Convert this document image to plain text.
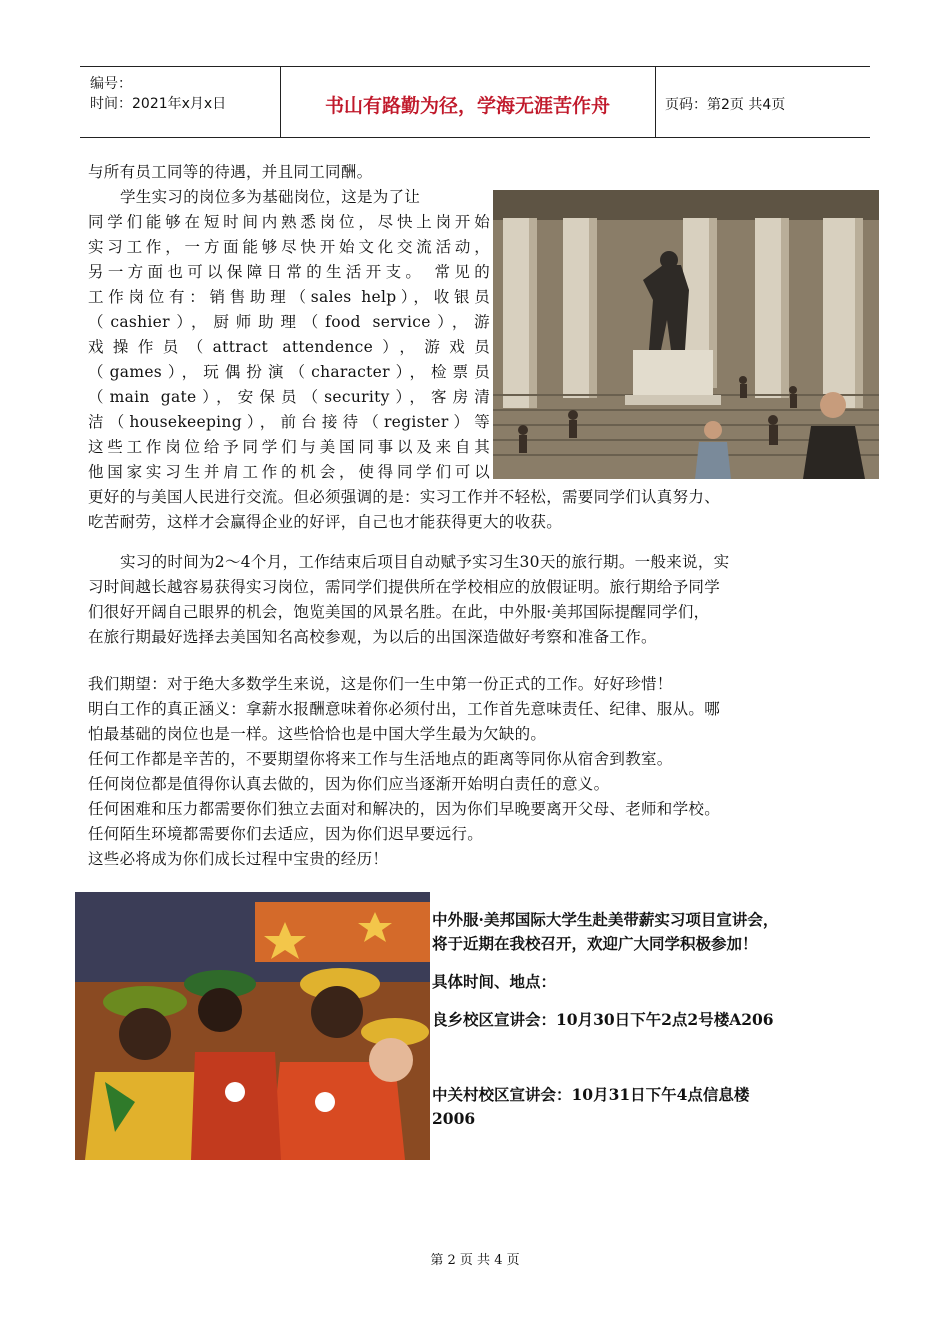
编号：
时间：2021年x月x日	书山有路勤为径，学海无涯苦作舟	页码：第2页 共4页

与所有员工同等的待遇，并且同工同酬。

学生实习的岗位多为基础岗位，这是为了让

同学们能够在短时间内熟悉岗位，尽快上岗开始

实习工作，一方面能够尽快开始文化交流活动，

另一方面也可以保障日常的生活开支。 常见的

工作岗位有：销售助理（sales help），收银员

（cashier），厨师助理（food service），游

戏操作员（attract attendence），游戏员

（games），玩偶扮演（character），检票员

（main gate），安保员（security），客房清

洁（housekeeping），前台接待（register）等

这些工作岗位给予同学们与美国同事以及来自其

他国家实习生并肩工作的机会，使得同学们可以

更好的与美国人民进行交流。但必须强调的是：实习工作并不轻松，需要同学们认真努力、

吃苦耐劳，这样才会赢得企业的好评，自己也才能获得更大的收获。

实习的时间为2～4个月，工作结束后项目自动赋予实习生30天的旅行期。一般来说，实

习时间越长越容易获得实习岗位，需同学们提供所在学校相应的放假证明。旅行期给予同学

们很好开阔自己眼界的机会，饱览美国的风景名胜。在此，中外服·美邦国际提醒同学们，

在旅行期最好选择去美国知名高校参观，为以后的出国深造做好考察和准备工作。

我们期望：对于绝大多数学生来说，这是你们一生中第一份正式的工作。好好珍惜！

明白工作的真正涵义：拿薪水报酬意味着你必须付出，工作首先意味责任、纪律、服从。哪

怕最基础的岗位也是一样。这些恰恰也是中国大学生最为欠缺的。

任何工作都是辛苦的，不要期望你将来工作与生活地点的距离等同你从宿舍到教室。

任何岗位都是值得你认真去做的，因为你们应当逐渐开始明白责任的意义。

任何困难和压力都需要你们独立去面对和解决的，因为你们早晚要离开父母、老师和学校。

任何陌生环境都需要你们去适应，因为你们迟早要远行。

这些必将成为你们成长过程中宝贵的经历！

中外服·美邦国际大学生赴美带薪实习项目宣讲会，
将于近期在我校召开，欢迎广大同学积极参加！
具体时间、地点：
良乡校区宣讲会：10月30日下午2点2号楼A206
中关村校区宣讲会：10月31日下午4点信息楼
2006
第 2 页 共 4 页
